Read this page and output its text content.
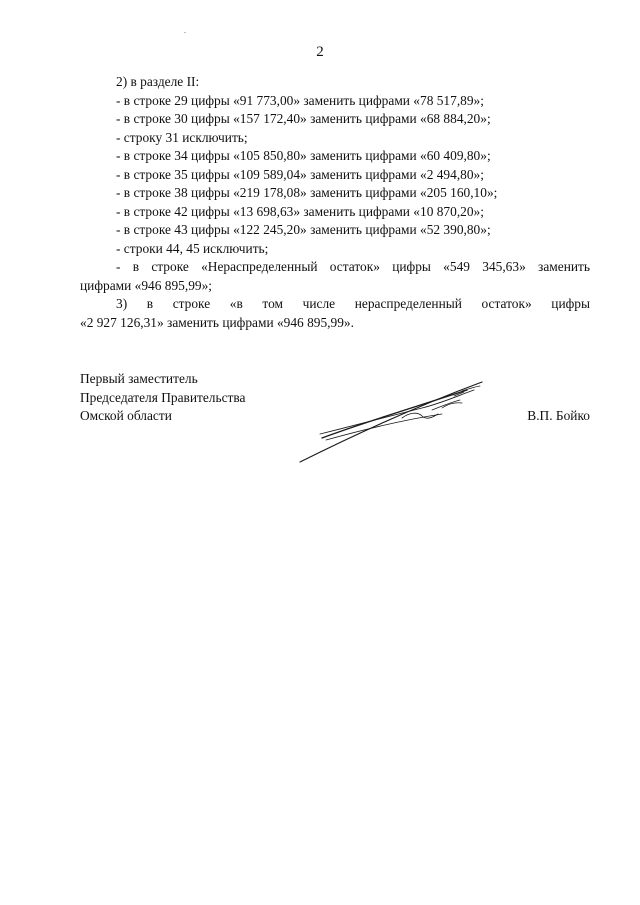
2
2) в разделе II:
- в строке 29 цифры «91 773,00» заменить цифрами «78 517,89»;
- в строке 30 цифры «157 172,40» заменить цифрами «68 884,20»;
- строку 31 исключить;
- в строке 34 цифры «105 850,80» заменить цифрами «60 409,80»;
- в строке 35 цифры «109 589,04» заменить цифрами «2 494,80»;
- в строке 38 цифры «219 178,08» заменить цифрами «205 160,10»;
- в строке 42 цифры «13 698,63» заменить цифрами «10 870,20»;
- в строке 43 цифры «122 245,20» заменить цифрами «52 390,80»;
- строки 44, 45 исключить;
- в строке «Нераспределенный остаток» цифры «549 345,63» заменить
цифрами «946 895,99»;
3) в строке «в том числе нераспределенный остаток» цифры
«2 927 126,31» заменить цифрами «946 895,99».
Первый заместитель
Председателя Правительства
Омской области	В.П. Бойко
